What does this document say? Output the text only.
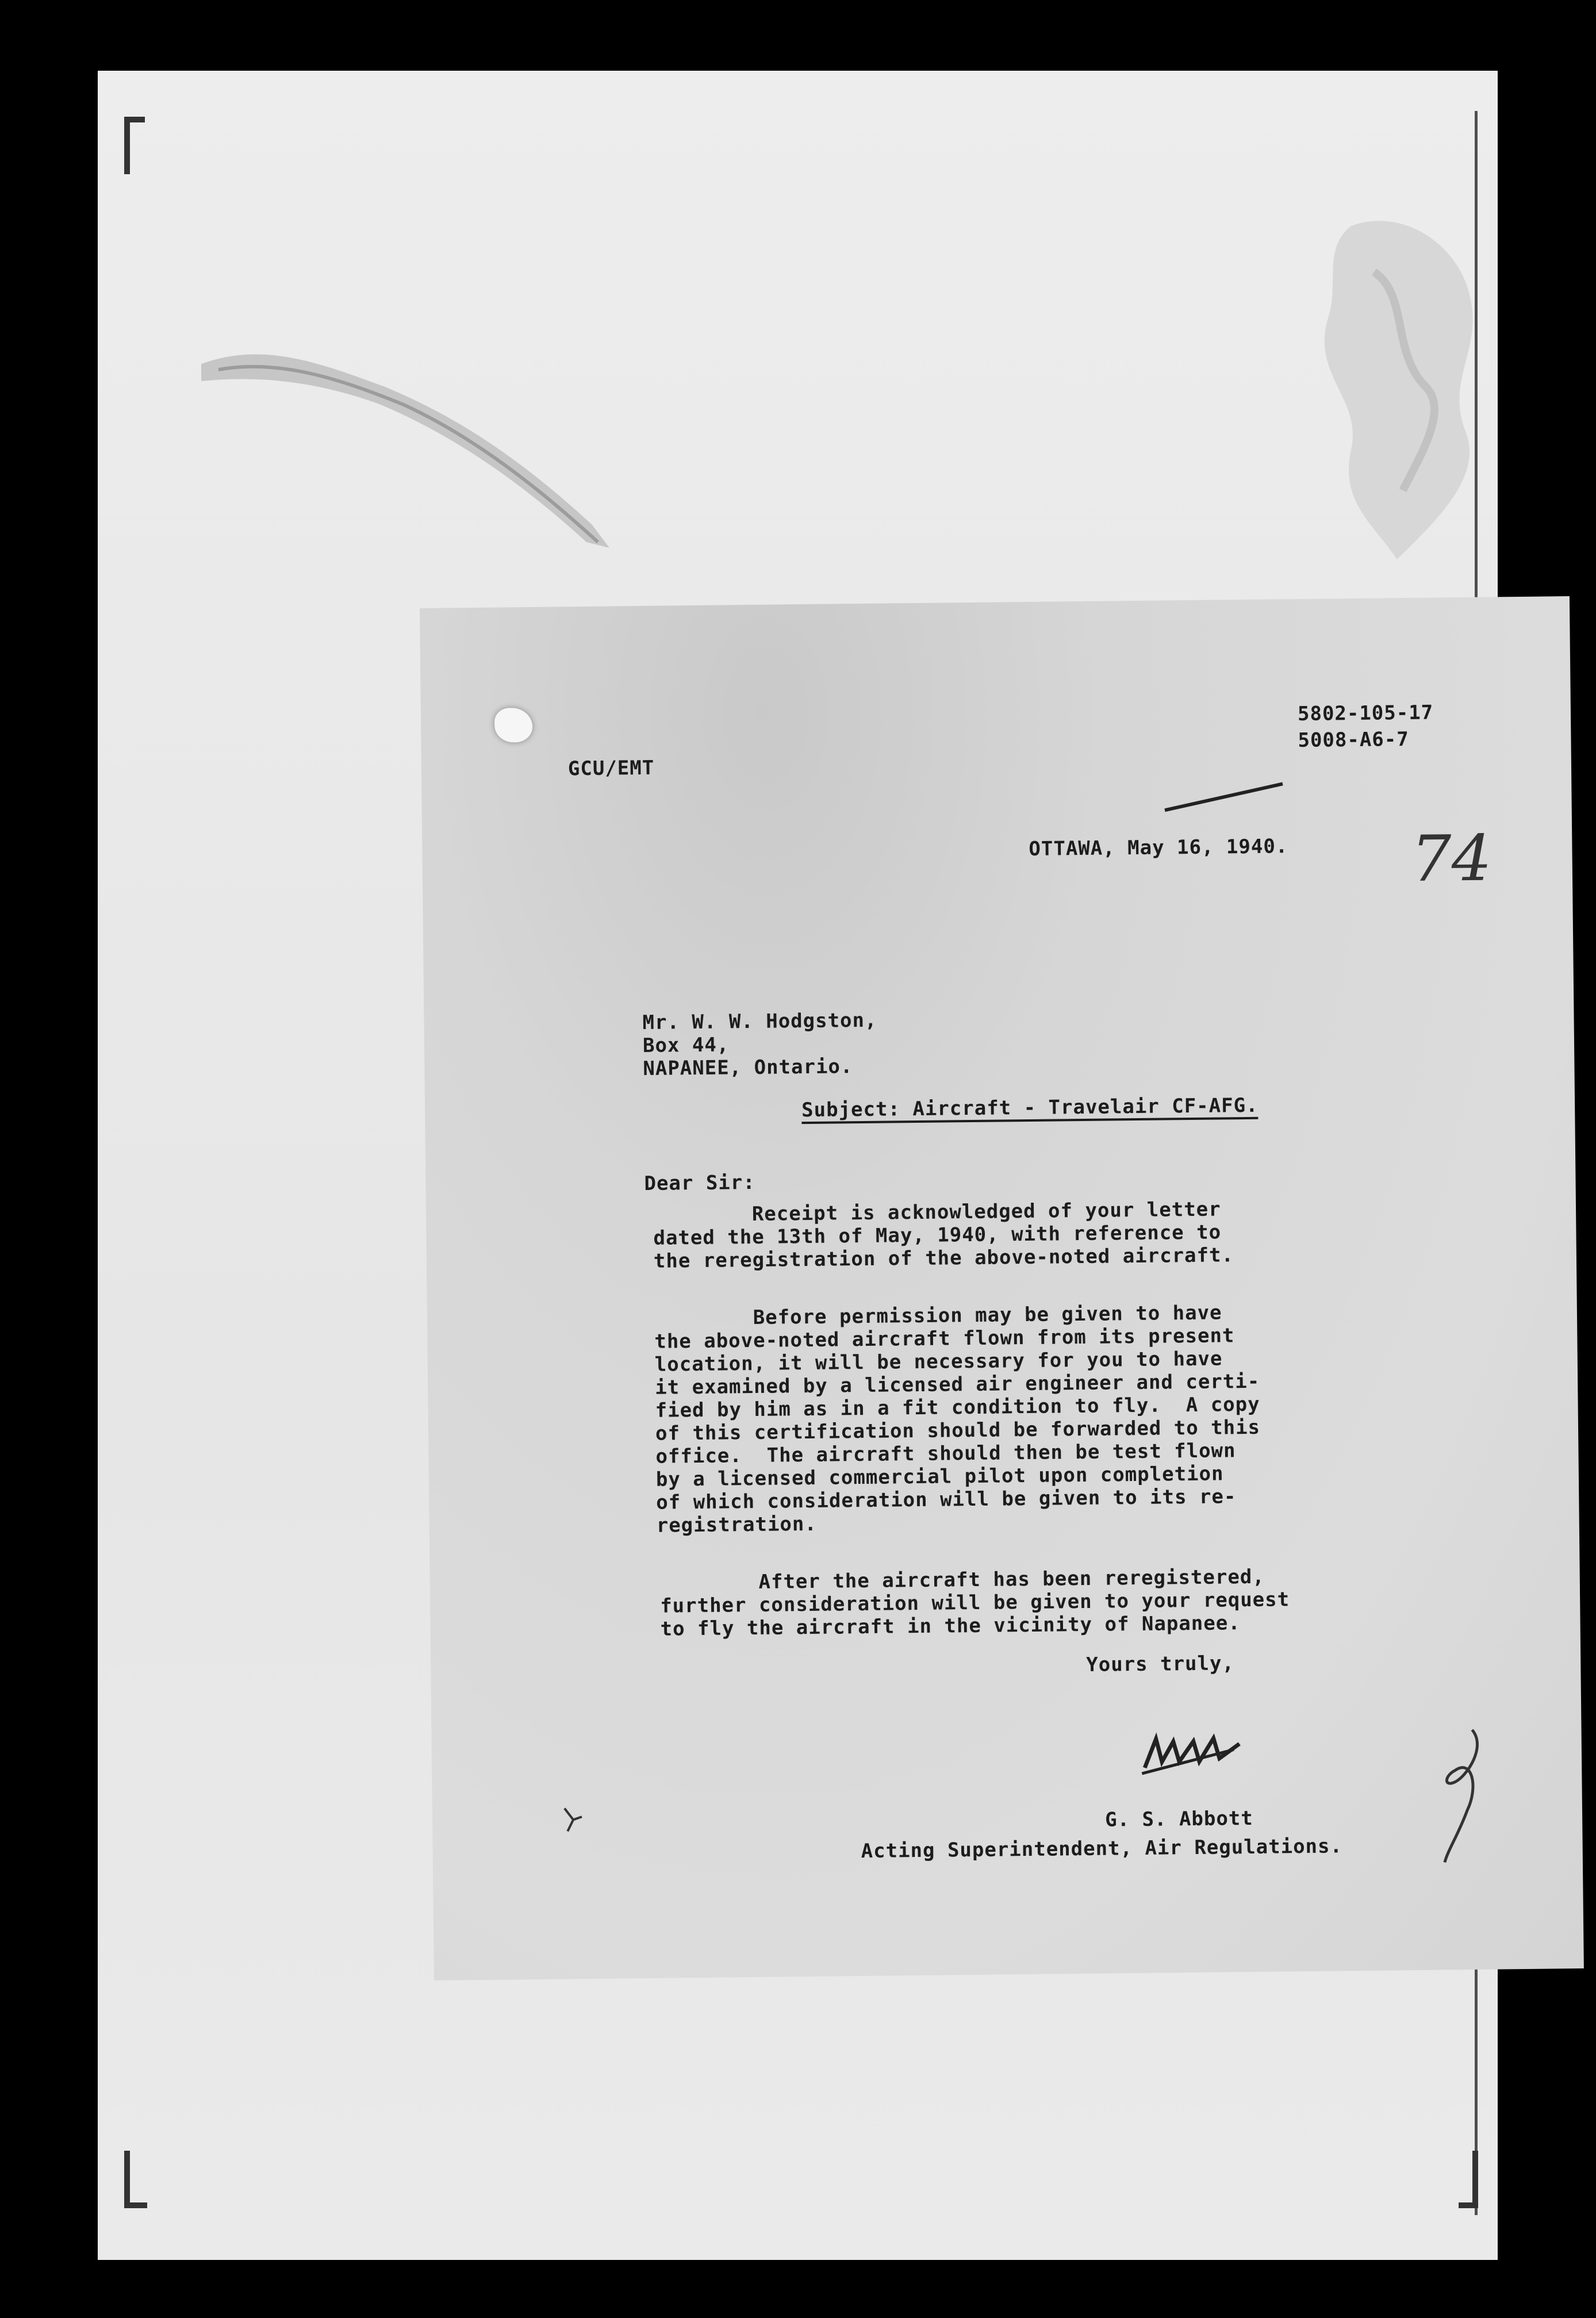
5802-105-17
5008-A6-7
GCU/EMT
OTTAWA, May 16, 1940. 74
Mr. W. W. Hodgston,
Box 44,
NAPANEE, Ontario.
Subject: Aircraft - Travelair CF-AFG.
Dear Sir:
Receipt is acknowledged of your letter
dated the 13th of May, 1940, with reference to
the reregistration of the above-noted aircraft.
Before permission may be given to have
the above-noted aircraft flown from its present
location, it will be necessary for you to have
it examined by a licensed air engineer and certi-
fied by him as in a fit condition to fly.  A copy
of this certification should be forwarded to this
office.  The aircraft should then be test flown
by a licensed commercial pilot upon completion
of which consideration will be given to its re-
registration.
After the aircraft has been reregistered,
further consideration will be given to your request
to fly the aircraft in the vicinity of Napanee.
Yours truly,
G. S. Abbott
Acting Superintendent, Air Regulations.
